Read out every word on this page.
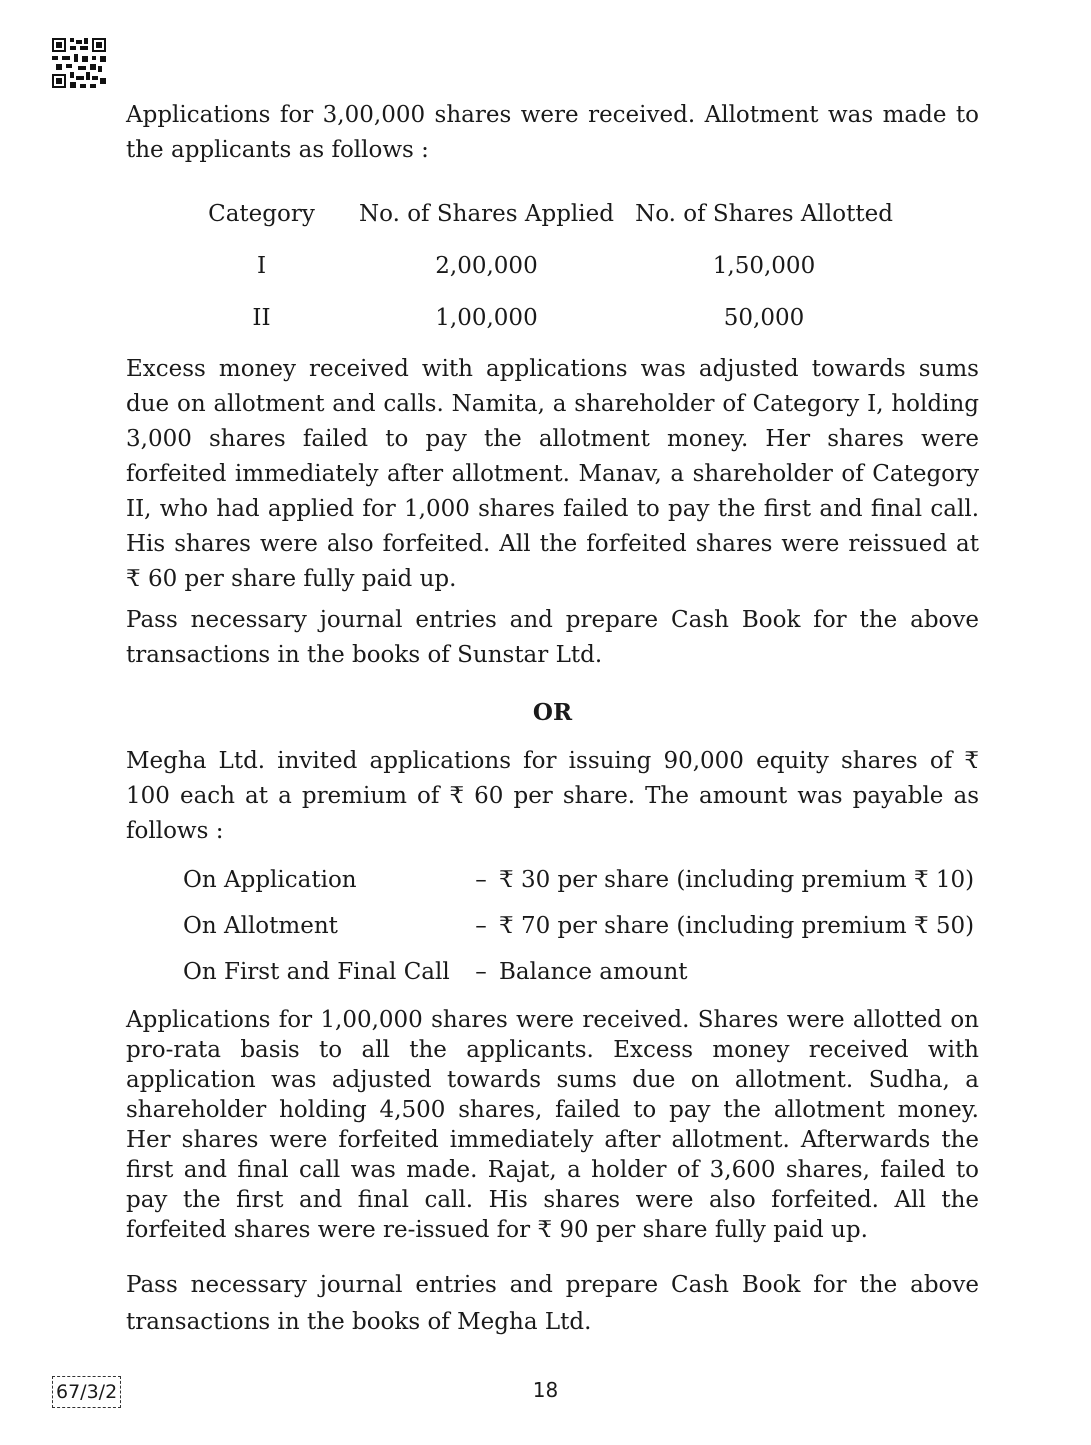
Applications for 3,00,000 shares were received. Allotment was made to the applicants as follows :

Category	No. of Shares Applied	No. of Shares Allotted
I	2,00,000	1,50,000
II	1,00,000	50,000

Excess money received with applications was adjusted towards sums due on allotment and calls. Namita, a shareholder of Category I, holding 3,000 shares failed to pay the allotment money. Her shares were forfeited immediately after allotment. Manav, a shareholder of Category II, who had applied for 1,000 shares failed to pay the first and final call. His shares were also forfeited. All the forfeited shares were reissued at ₹ 60 per share fully paid up.

Pass necessary journal entries and prepare Cash Book for the above transactions in the books of Sunstar Ltd.

OR

Megha Ltd. invited applications for issuing 90,000 equity shares of ₹ 100 each at a premium of ₹ 60 per share. The amount was payable as follows :

On Application	– ₹ 30 per share (including premium ₹ 10)
On Allotment	– ₹ 70 per share (including premium ₹ 50)
On First and Final Call	– Balance amount

Applications for 1,00,000 shares were received. Shares were allotted on pro-rata basis to all the applicants. Excess money received with application was adjusted towards sums due on allotment. Sudha, a shareholder holding 4,500 shares, failed to pay the allotment money. Her shares were forfeited immediately after allotment. Afterwards the first and final call was made. Rajat, a holder of 3,600 shares, failed to pay the first and final call. His shares were also forfeited. All the forfeited shares were re-issued for ₹ 90 per share fully paid up.

Pass necessary journal entries and prepare Cash Book for the above transactions in the books of Megha Ltd.

67/3/2	18
